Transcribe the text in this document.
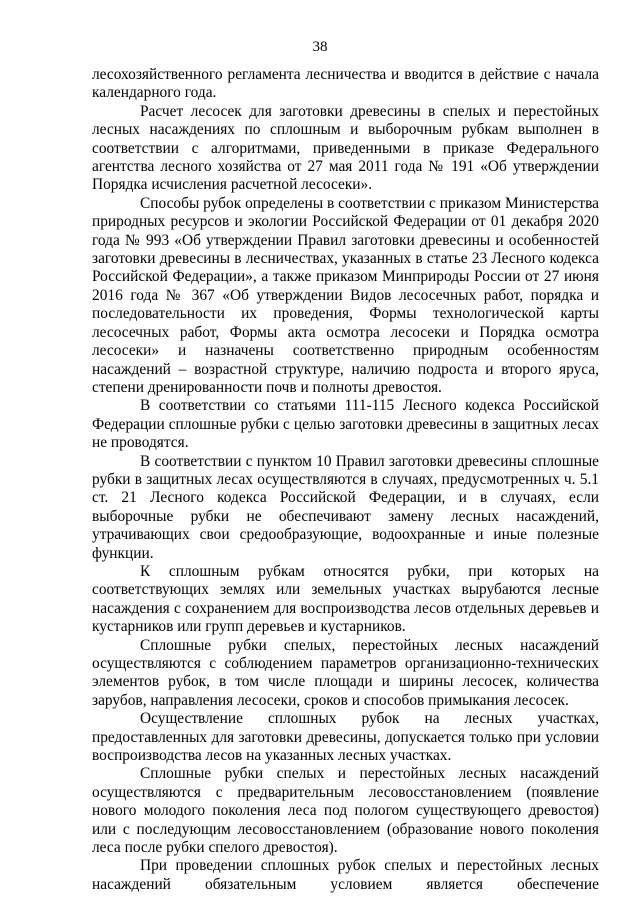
38

лесохозяйственного регламента лесничества и вводится в действие с начала календарного года.

Расчет лесосек для заготовки древесины в спелых и перестойных лесных насаждениях по сплошным и выборочным рубкам выполнен в соответствии с алгоритмами, приведенными в приказе Федерального агентства лесного хозяйства от 27 мая 2011 года № 191 «Об утверждении Порядка исчисления расчетной лесосеки».

Способы рубок определены в соответствии с приказом Министерства природных ресурсов и экологии Российской Федерации от 01 декабря 2020 года № 993 «Об утверждении Правил заготовки древесины и особенностей заготовки древесины в лесничествах, указанных в статье 23 Лесного кодекса Российской Федерации», а также приказом Минприроды России от 27 июня 2016 года № 367 «Об утверждении Видов лесосечных работ, порядка и последовательности их проведения, Формы технологической карты лесосечных работ, Формы акта осмотра лесосеки и Порядка осмотра лесосеки» и назначены соответственно природным особенностям насаждений – возрастной структуре, наличию подроста и второго яруса, степени дренированности почв и полноты древостоя.

В соответствии со статьями 111-115 Лесного кодекса Российской Федерации сплошные рубки с целью заготовки древесины в защитных лесах не проводятся.

В соответствии с пунктом 10 Правил заготовки древесины сплошные рубки в защитных лесах осуществляются в случаях, предусмотренных ч. 5.1 ст. 21 Лесного кодекса Российской Федерации, и в случаях, если выборочные рубки не обеспечивают замену лесных насаждений, утрачивающих свои средообразующие, водоохранные и иные полезные функции.

К сплошным рубкам относятся рубки, при которых на соответствующих землях или земельных участках вырубаются лесные насаждения с сохранением для воспроизводства лесов отдельных деревьев и кустарников или групп деревьев и кустарников.

Сплошные рубки спелых, перестойных лесных насаждений осуществляются с соблюдением параметров организационно-технических элементов рубок, в том числе площади и ширины лесосек, количества зарубов, направления лесосеки, сроков и способов примыкания лесосек.

Осуществление сплошных рубок на лесных участках, предоставленных для заготовки древесины, допускается только при условии воспроизводства лесов на указанных лесных участках.

Сплошные рубки спелых и перестойных лесных насаждений осуществляются с предварительным лесовосстановлением (появление нового молодого поколения леса под пологом существующего древостоя) или с последующим лесовосстановлением (образование нового поколения леса после рубки спелого древостоя).

При проведении сплошных рубок спелых и перестойных лесных насаждений обязательным условием является обеспечение
